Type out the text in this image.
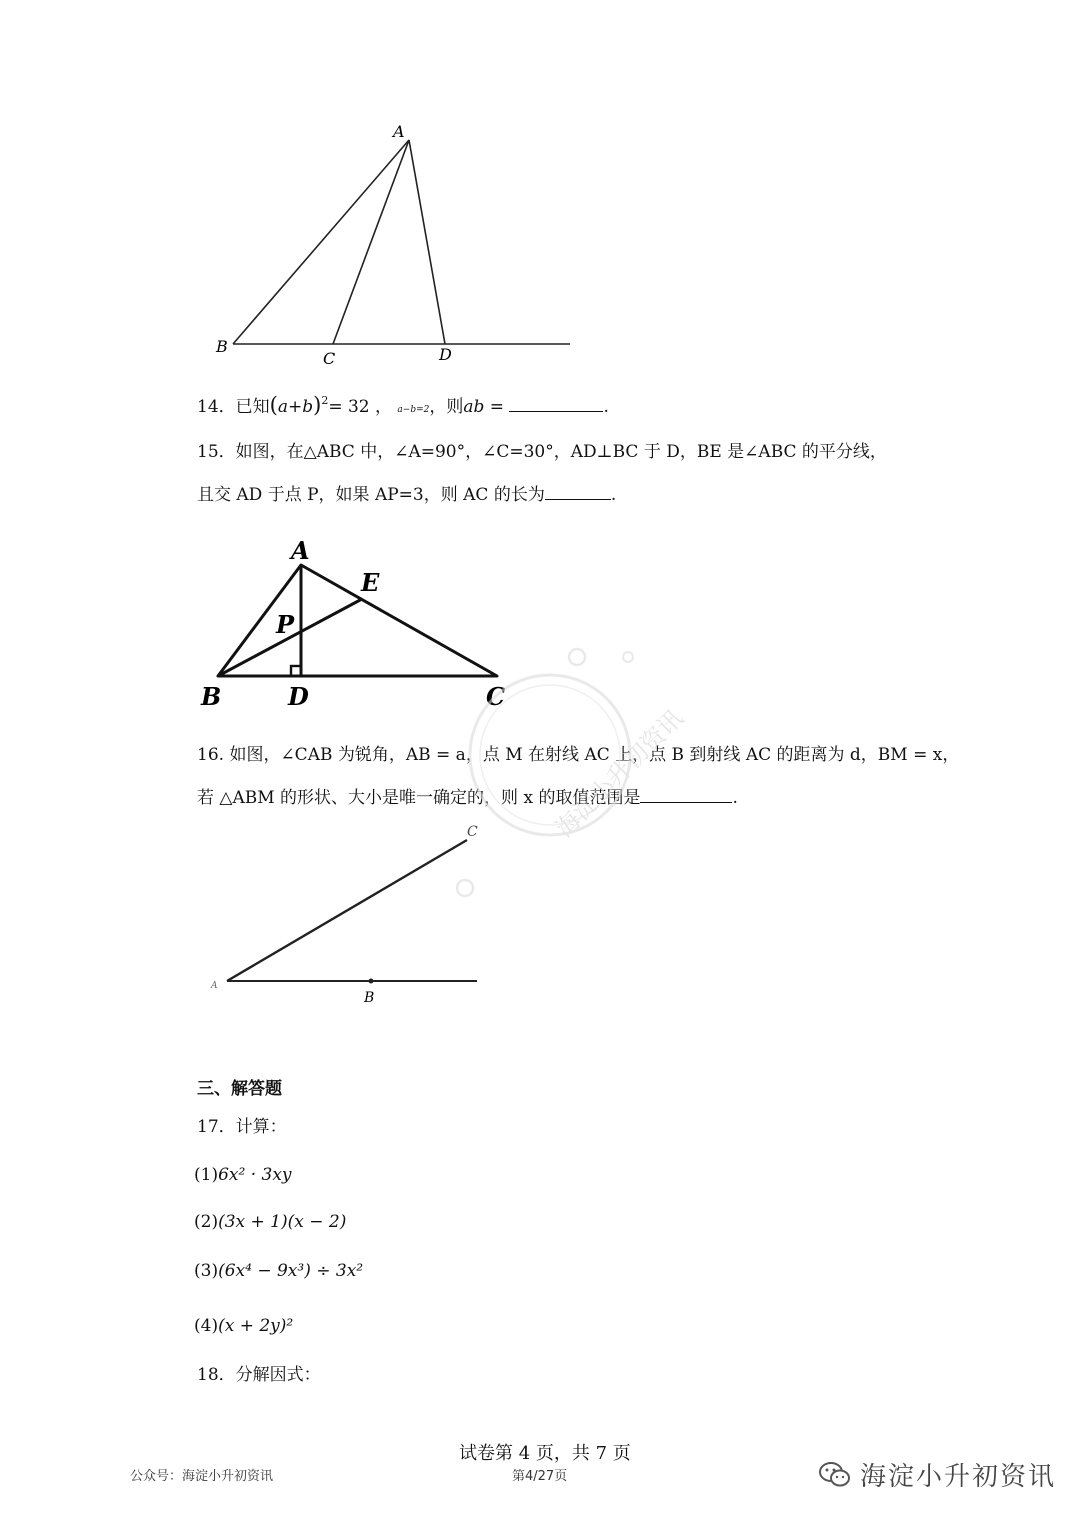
A
B
C	D
14．已知$(a+b)^2= 32$ ， a−b=2，则ab =	.
15．如图，在△ABC 中，∠A=90°，∠C=30°，AD⊥BC 于 D，BE 是∠ABC 的平分线，
且交 AD 于点 P，如果 AP=3，则 AC 的长为	.
A
E
P
B	D	C
16. 如图，∠CAB 为锐角，AB = a，点 M 在射线 AC 上，点 B 到射线 AC 的距离为 d，BM = x，
若 △ABM 的形状、大小是唯一确定的，则 x 的取值范围是	.
C
B
A
海淀小升初资讯
三、解答题
17．计算：
(1)6x² · 3xy
(2)(3x + 1)(x − 2)
(3)(6x⁴ − 9x³) ÷ 3x²
(4)(x + 2y)²
18．分解因式：
试卷第 4 页，共 7 页
第4/27页
公众号：海淀小升初资讯	海淀小升初资讯
